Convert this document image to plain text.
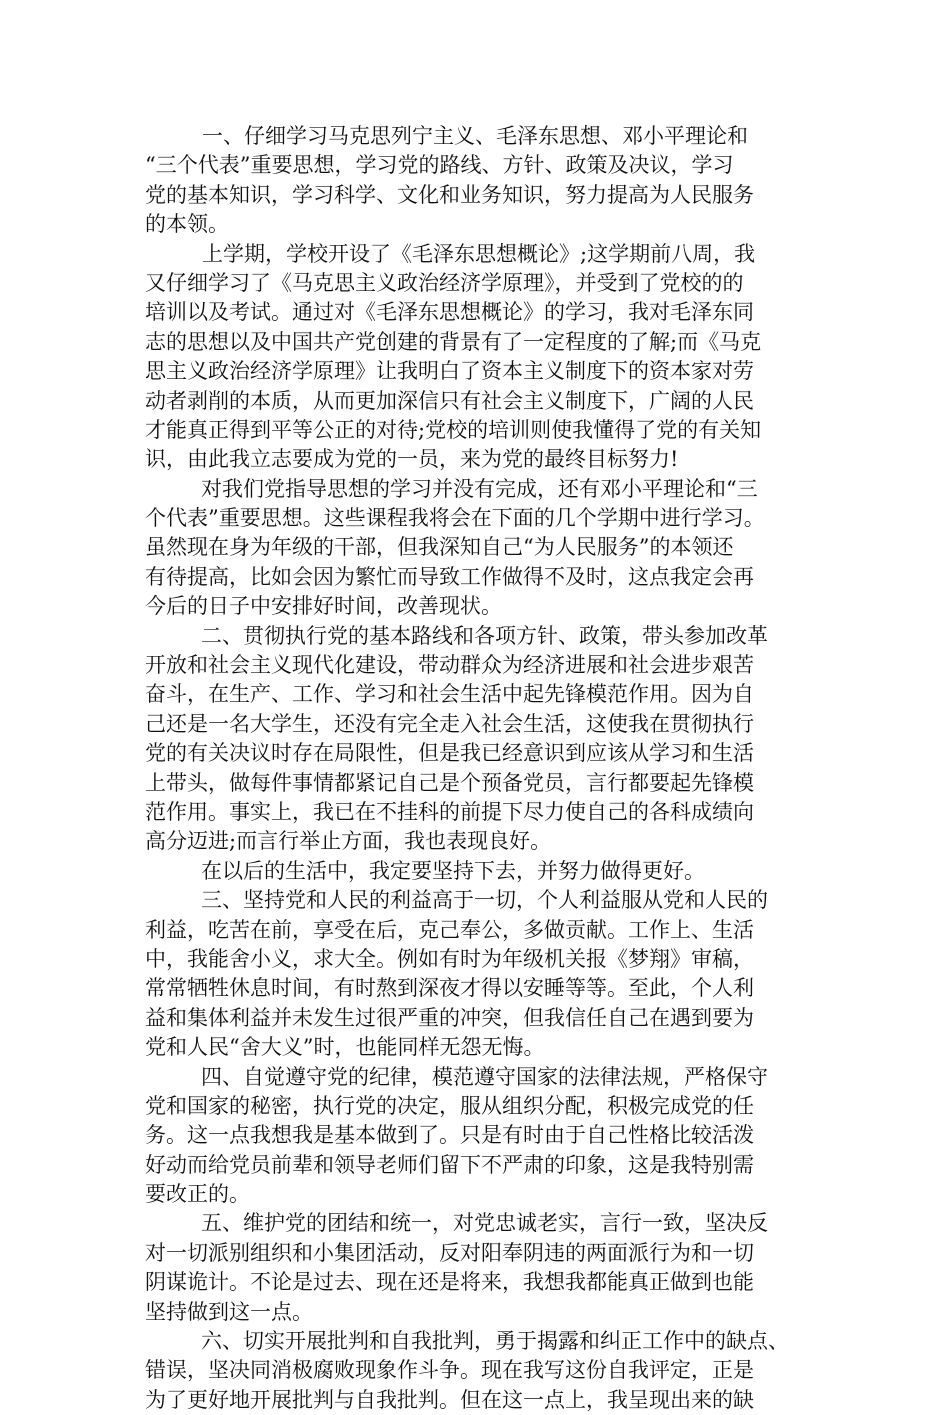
一、仔细学习马克思列宁主义、毛泽东思想、邓小平理论和
“三个代表”重要思想，学习党的路线、方针、政策及决议，学习
党的基本知识，学习科学、文化和业务知识，努力提高为人民服务
的本领。
上学期，学校开设了《毛泽东思想概论》;这学期前八周，我
又仔细学习了《马克思主义政治经济学原理》，并受到了党校的的
培训以及考试。通过对《毛泽东思想概论》的学习，我对毛泽东同
志的思想以及中国共产党创建的背景有了一定程度的了解;而《马克
思主义政治经济学原理》让我明白了资本主义制度下的资本家对劳
动者剥削的本质，从而更加深信只有社会主义制度下，广阔的人民
才能真正得到平等公正的对待;党校的培训则使我懂得了党的有关知
识，由此我立志要成为党的一员，来为党的最终目标努力!
对我们党指导思想的学习并没有完成，还有邓小平理论和“三
个代表”重要思想。这些课程我将会在下面的几个学期中进行学习。
虽然现在身为年级的干部，但我深知自己“为人民服务”的本领还
有待提高，比如会因为繁忙而导致工作做得不及时，这点我定会再
今后的日子中安排好时间，改善现状。
二、贯彻执行党的基本路线和各项方针、政策，带头参加改革
开放和社会主义现代化建设，带动群众为经济进展和社会进步艰苦
奋斗，在生产、工作、学习和社会生活中起先锋模范作用。因为自
己还是一名大学生，还没有完全走入社会生活，这使我在贯彻执行
党的有关决议时存在局限性，但是我已经意识到应该从学习和生活
上带头，做每件事情都紧记自己是个预备党员，言行都要起先锋模
范作用。事实上，我已在不挂科的前提下尽力使自己的各科成绩向
高分迈进;而言行举止方面，我也表现良好。
在以后的生活中，我定要坚持下去，并努力做得更好。
三、坚持党和人民的利益高于一切，个人利益服从党和人民的
利益，吃苦在前，享受在后，克己奉公，多做贡献。工作上、生活
中，我能舍小义，求大全。例如有时为年级机关报《梦翔》审稿，
常常牺牲休息时间，有时熬到深夜才得以安睡等等。至此，个人利
益和集体利益并未发生过很严重的冲突，但我信任自己在遇到要为
党和人民“舍大义”时，也能同样无怨无悔。
四、自觉遵守党的纪律，模范遵守国家的法律法规，严格保守
党和国家的秘密，执行党的决定，服从组织分配，积极完成党的任
务。这一点我想我是基本做到了。只是有时由于自己性格比较活泼
好动而给党员前辈和领导老师们留下不严肃的印象，这是我特别需
要改正的。
五、维护党的团结和统一，对党忠诚老实，言行一致，坚决反
对一切派别组织和小集团活动，反对阳奉阴违的两面派行为和一切
阴谋诡计。不论是过去、现在还是将来，我想我都能真正做到也能
坚持做到这一点。
六、切实开展批判和自我批判，勇于揭露和纠正工作中的缺点、
错误，坚决同消极腐败现象作斗争。现在我写这份自我评定，正是
为了更好地开展批判与自我批判。但在这一点上，我呈现出来的缺
